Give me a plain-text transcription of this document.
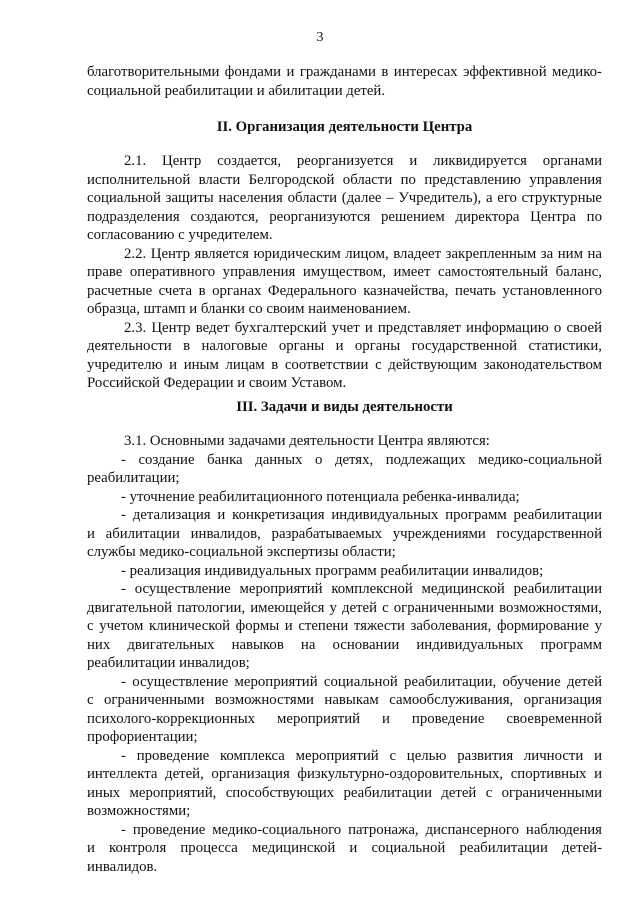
3
благотворительными фондами и гражданами в интересах эффективной медико-
социальной реабилитации и абилитации детей.
II. Организация деятельности Центра
2.1. Центр создается, реорганизуется и ликвидируется органами
исполнительной власти Белгородской области по представлению управления
социальной защиты населения области (далее – Учредитель), а его структурные
подразделения создаются, реорганизуются решением директора Центра по
согласованию с учредителем.
2.2. Центр является юридическим лицом, владеет закрепленным за ним на
праве оперативного управления имуществом, имеет самостоятельный баланс,
расчетные счета в органах Федерального казначейства, печать установленного
образца, штамп и бланки со своим наименованием.
2.3. Центр ведет бухгалтерский учет и представляет информацию о своей
деятельности в налоговые органы и органы государственной статистики,
учредителю и иным лицам в соответствии с действующим законодательством
Российской Федерации и своим Уставом.
III. Задачи и виды деятельности
3.1. Основными задачами деятельности Центра являются:
- создание банка данных о детях, подлежащих медико-социальной
реабилитации;
- уточнение реабилитационного потенциала ребенка-инвалида;
- детализация и конкретизация индивидуальных программ реабилитации
и абилитации инвалидов, разрабатываемых учреждениями государственной
службы медико-социальной экспертизы области;
- реализация индивидуальных программ реабилитации инвалидов;
- осуществление мероприятий комплексной медицинской реабилитации
двигательной патологии, имеющейся у детей с ограниченными возможностями,
с учетом клинической формы и степени тяжести заболевания, формирование у
них двигательных навыков на основании индивидуальных программ
реабилитации инвалидов;
- осуществление мероприятий социальной реабилитации, обучение детей
с ограниченными возможностями навыкам самообслуживания, организация
психолого-коррекционных мероприятий и проведение своевременной
профориентации;
- проведение комплекса мероприятий с целью развития личности и
интеллекта детей, организация физкультурно-оздоровительных, спортивных и
иных мероприятий, способствующих реабилитации детей с ограниченными
возможностями;
- проведение медико-социального патронажа, диспансерного наблюдения
и контроля процесса медицинской и социальной реабилитации детей-
инвалидов.
